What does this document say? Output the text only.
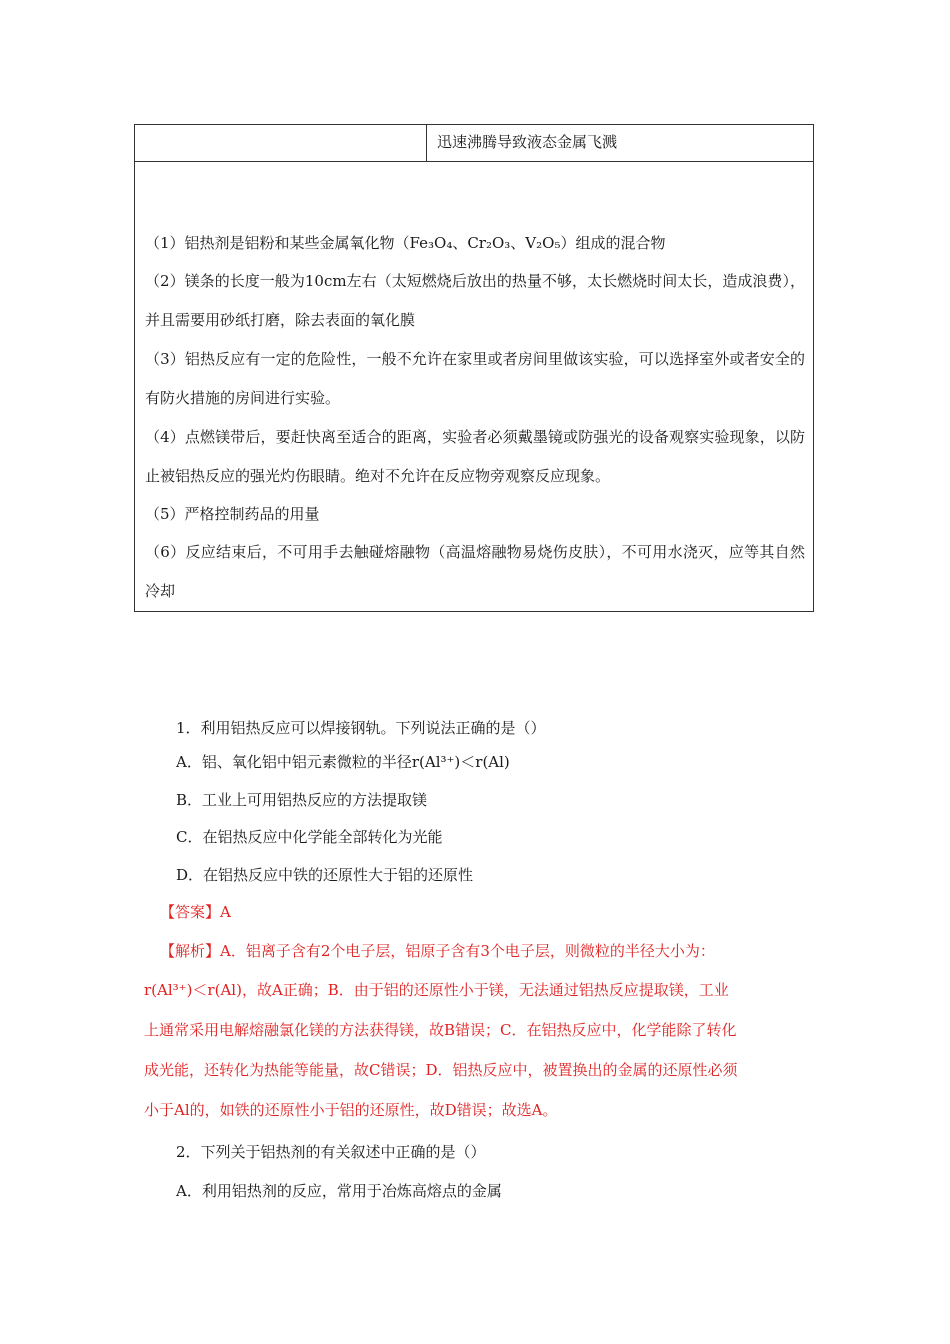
迅速沸腾导致液态金属飞溅

（1）铝热剂是铝粉和某些金属氧化物（Fe₃O₄、Cr₂O₃、V₂O₅）组成的混合物

（2）镁条的长度一般为10cm左右（太短燃烧后放出的热量不够，太长燃烧时间太长，造成浪费），并且需要用砂纸打磨，除去表面的氧化膜

（3）铝热反应有一定的危险性，一般不允许在家里或者房间里做该实验，可以选择室外或者安全的有防火措施的房间进行实验。

（4）点燃镁带后，要赶快离至适合的距离，实验者必须戴墨镜或防强光的设备观察实验现象，以防止被铝热反应的强光灼伤眼睛。绝对不允许在反应物旁观察反应现象。

（5）严格控制药品的用量

（6）反应结束后，不可用手去触碰熔融物（高温熔融物易烧伤皮肤），不可用水浇灭，应等其自然冷却

1．利用铝热反应可以焊接钢轨。下列说法正确的是（）
A．铝、氧化铝中铝元素微粒的半径r(Al³⁺)＜r(Al)
B．工业上可用铝热反应的方法提取镁
C．在铝热反应中化学能全部转化为光能
D．在铝热反应中铁的还原性大于铝的还原性
【答案】A
【解析】A．铝离子含有2个电子层，铝原子含有3个电子层，则微粒的半径大小为：
r(Al³⁺)＜r(Al)，故A正确；B．由于铝的还原性小于镁，无法通过铝热反应提取镁，工业
上通常采用电解熔融氯化镁的方法获得镁，故B错误；C．在铝热反应中，化学能除了转化
成光能，还转化为热能等能量，故C错误；D．铝热反应中，被置换出的金属的还原性必须
小于Al的，如铁的还原性小于铝的还原性，故D错误；故选A。
2．下列关于铝热剂的有关叙述中正确的是（）
A．利用铝热剂的反应，常用于冶炼高熔点的金属
